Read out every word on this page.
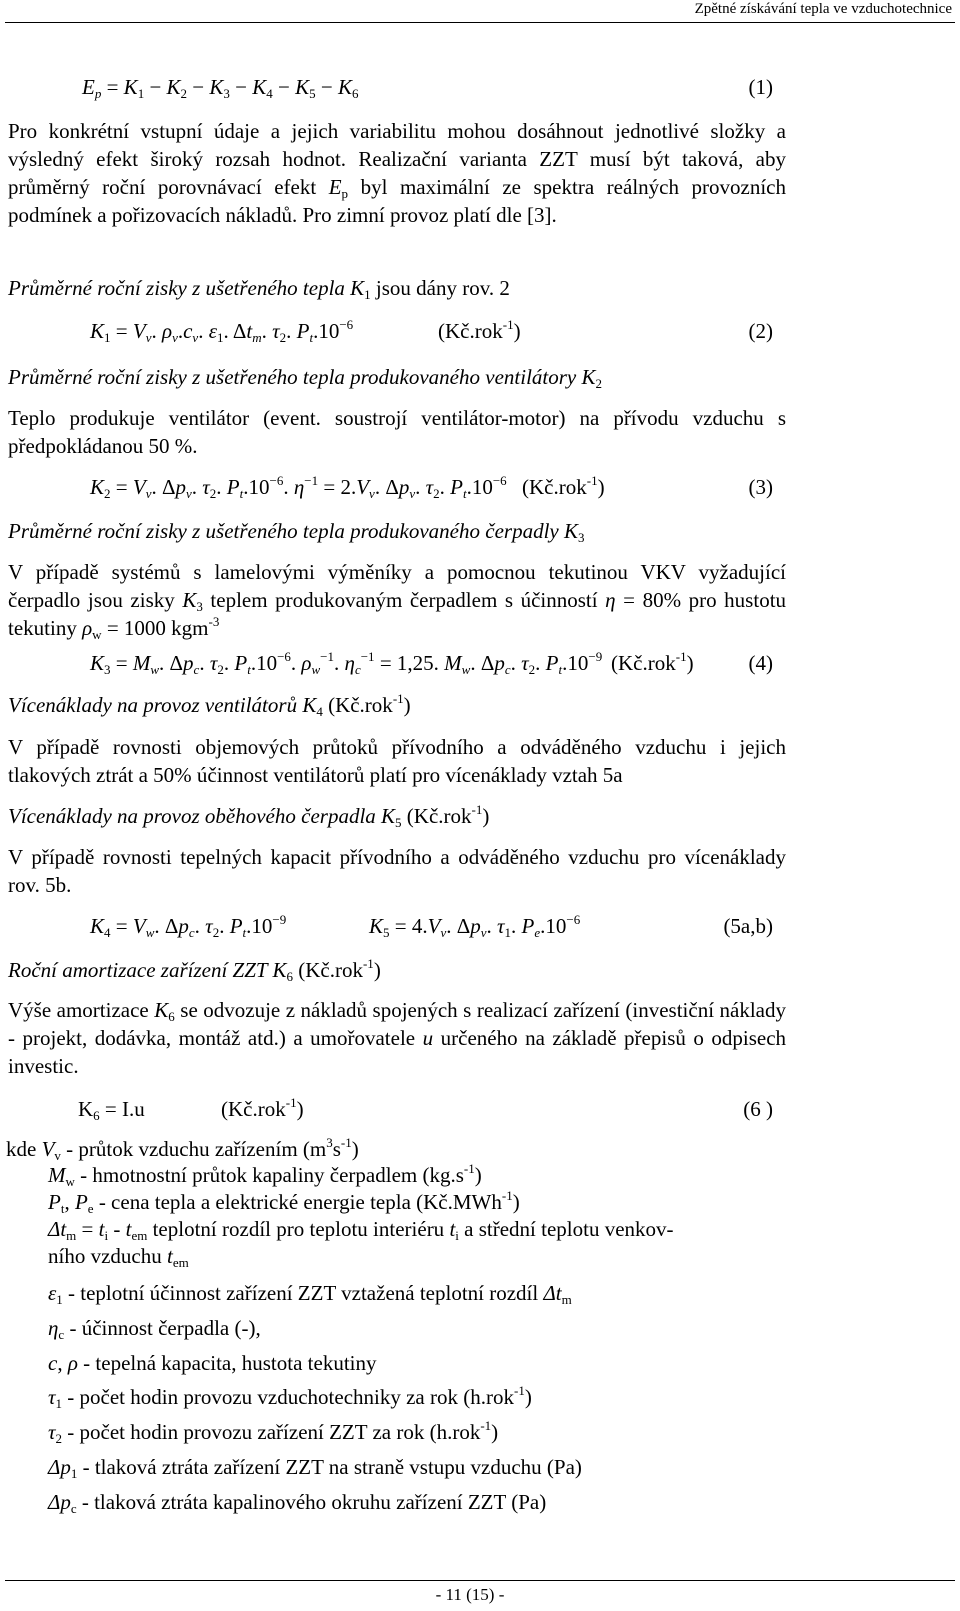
Zpětné získávání tepla ve vzduchotechnice
$E_p = K_1 - K_2 - K_3 - K_4 - K_5 - K_6$	(1)
Pro konkrétní vstupní údaje a jejich variabilitu mohou dosáhnout jednotlivé složky a výsledný efekt široký rozsah hodnot. Realizační varianta ZZT musí být taková, aby průměrný roční porovnávací efekt $E_p$ byl maximální ze spektra reálných provozních podmínek a pořizovacích nákladů. Pro zimní provoz platí dle [3].
Průměrné roční zisky z ušetřeného tepla $K_1$ jsou dány rov. 2
$K_1 = V_v$. $\rho_v.c_v$. $\varepsilon_1$. $\Delta t_m$. $\tau_2$. $P_t.10^{-6}$	(Kč.rok$^{-1}$)	(2)
Průměrné roční zisky z ušetřeného tepla produkovaného ventilátory $K_2$
Teplo produkuje ventilátor (event. soustrojí ventilátor-motor) na přívodu vzduchu s předpokládanou 50 %.
$K_2 = V_v$. $\Delta p_v$. $\tau_2$. $P_t.10^{-6}$. $\eta^{-1} = 2.V_v$. $\Delta p_v$. $\tau_2$. $P_t.10^{-6}$ (Kč.rok$^{-1}$)	(3)
Průměrné roční zisky z ušetřeného tepla produkovaného čerpadly $K_3$
V případě systémů s lamelovými výměníky a pomocnou tekutinou VKV vyžadující čerpadlo jsou zisky $K_3$ teplem produkovaným čerpadlem s účinností η = 80% pro hustotu tekutiny $\rho_w = 1000$ kgm$^{-3}$
$K_3 = M_w$. $\Delta p_c$. $\tau_2$. $P_t.10^{-6}$. $\rho_w^{-1}$. $\eta_c^{-1} = 1,25$. $M_w$. $\Delta p_c$. $\tau_2$. $P_t.10^{-9}$ (Kč.rok$^{-1}$)	(4)
Vícenáklady na provoz ventilátorů $K_4$ (Kč.rok$^{-1}$)
V případě rovnosti objemových průtoků přívodního a odváděného vzduchu i jejich tlakových ztrát a 50% účinnost ventilátorů platí pro vícenáklady vztah 5a
Vícenáklady na provoz oběhového čerpadla $K_5$ (Kč.rok$^{-1}$)
V případě rovnosti tepelných kapacit přívodního a odváděného vzduchu pro vícenáklady rov. 5b.
$K_4 = V_w$. $\Delta p_c$. $\tau_2$. $P_t.10^{-9}$	$K_5 = 4.V_v$. $\Delta p_v$. $\tau_1$. $P_e.10^{-6}$	(5a,b)
Roční amortizace zařízení ZZT $K_6$ (Kč.rok$^{-1}$)
Výše amortizace $K_6$ se odvozuje z nákladů spojených s realizací zařízení (investiční náklady - projekt, dodávka, montáž atd.) a umořovatele u určeného na základě přepisů o odpisech investic.
$K_6 = I.u$	(Kč.rok$^{-1}$)	(6 )
kde $V_v$ - průtok vzduchu zařízením $(m^3s^{-1})$
$M_w$ - hmotnostní průtok kapaliny čerpadlem $(kg.s^{-1})$
$P_t$, $P_e$ - cena tepla a elektrické energie tepla (Kč.MWh$^{-1}$)
$\Delta t_m = t_i - t_{em}$ teplotní rozdíl pro teplotu interiéru $t_i$ a střední teplotu venkov-
ního vzduchu $t_{em}$
$\varepsilon_1$ - teplotní účinnost zařízení ZZT vztažená teplotní rozdíl $\Delta t_m$
$\eta_c$ - účinnost čerpadla (-),
c, ρ - tepelná kapacita, hustota tekutiny
$\tau_1$ - počet hodin provozu vzduchotechniky za rok (h.rok$^{-1}$)
$\tau_2$ - počet hodin provozu zařízení ZZT za rok (h.rok$^{-1}$)
$\Delta p_1$ - tlaková ztráta zařízení ZZT na straně vstupu vzduchu (Pa)
$\Delta p_c$ - tlaková ztráta kapalinového okruhu zařízení ZZT (Pa)
- 11 (15) -
